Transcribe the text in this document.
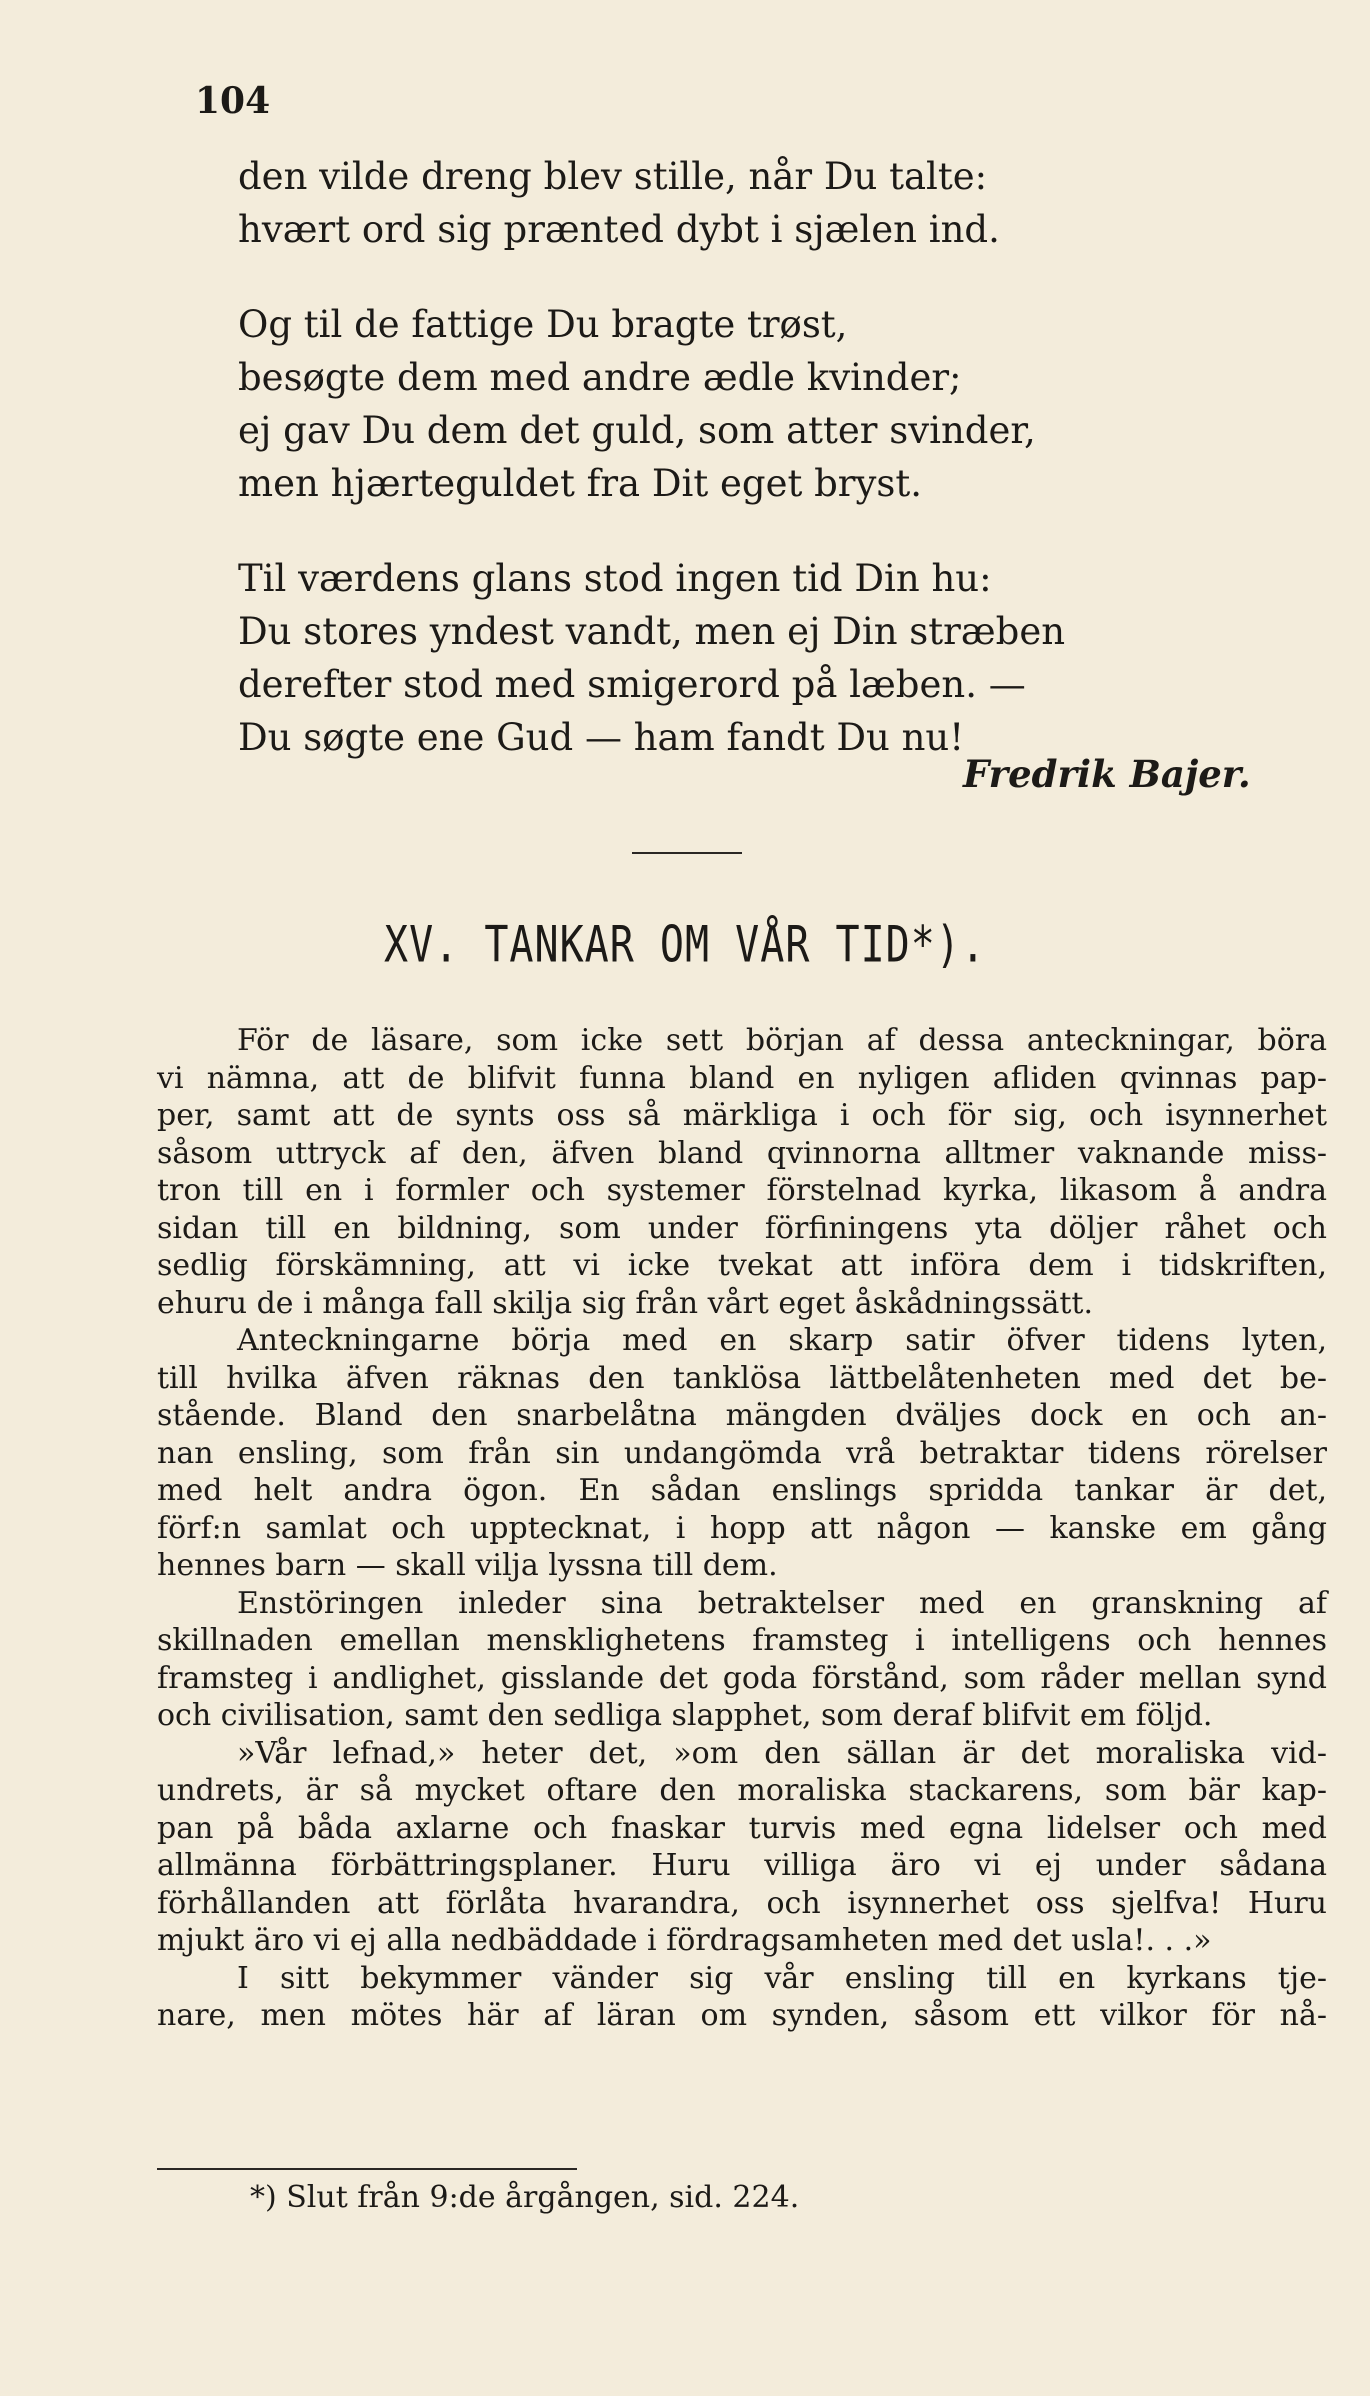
104
den vilde dreng blev stille, når Du talte:
hvært ord sig prænted dybt i sjælen ind.
Og til de fattige Du bragte trøst,
besøgte dem med andre ædle kvinder;
ej gav Du dem det guld, som atter svinder,
men hjærteguldet fra Dit eget bryst.
Til værdens glans stod ingen tid Din hu:
Du stores yndest vandt, men ej Din stræben
derefter stod med smigerord på læben. —
Du søgte ene Gud — ham fandt Du nu!
Fredrik Bajer.
XV. TANKAR OM VÅR TID*).
För de läsare, som icke sett början af dessa anteckningar, böra
vi nämna, att de blifvit funna bland en nyligen afliden qvinnas pap-
per, samt att de synts oss så märkliga i och för sig, och isynnerhet
såsom uttryck af den, äfven bland qvinnorna alltmer vaknande miss-
tron till en i formler och systemer förstelnad kyrka, likasom å andra
sidan till en bildning, som under förfiningens yta döljer råhet och
sedlig förskämning, att vi icke tvekat att införa dem i tidskriften,
ehuru de i många fall skilja sig från vårt eget åskådningssätt.
Anteckningarne börja med en skarp satir öfver tidens lyten,
till hvilka äfven räknas den tanklösa lättbelåtenheten med det be-
stående. Bland den snarbelåtna mängden dväljes dock en och an-
nan ensling, som från sin undangömda vrå betraktar tidens rörelser
med helt andra ögon. En sådan enslings spridda tankar är det,
förf:n samlat och upptecknat, i hopp att någon — kanske em gång
hennes barn — skall vilja lyssna till dem.
Enstöringen inleder sina betraktelser med en granskning af
skillnaden emellan mensklighetens framsteg i intelligens och hennes
framsteg i andlighet, gisslande det goda förstånd, som råder mellan synd
och civilisation, samt den sedliga slapphet, som deraf blifvit em följd.
»Vår lefnad,» heter det, »om den sällan är det moraliska vid-
undrets, är så mycket oftare den moraliska stackarens, som bär kap-
pan på båda axlarne och fnaskar turvis med egna lidelser och med
allmänna förbättringsplaner. Huru villiga äro vi ej under sådana
förhållanden att förlåta hvarandra, och isynnerhet oss sjelfva! Huru
mjukt äro vi ej alla nedbäddade i fördragsamheten med det usla!. . .»
I sitt bekymmer vänder sig vår ensling till en kyrkans tje-
nare, men mötes här af läran om synden, såsom ett vilkor för nå-
*) Slut från 9:de årgången, sid. 224.
